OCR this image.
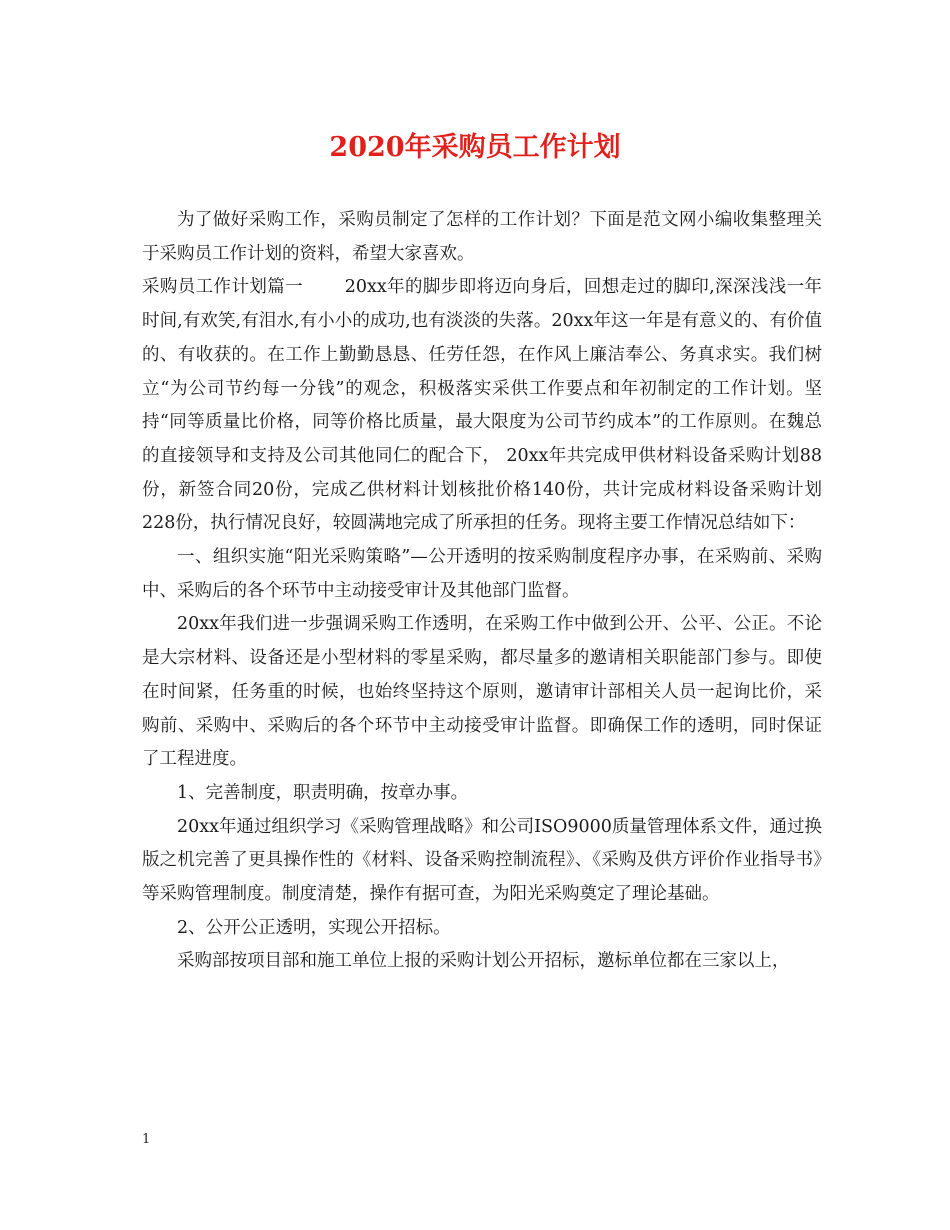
2020年采购员工作计划

为了做好采购工作，采购员制定了怎样的工作计划？下面是范文网小编收集整理关于采购员工作计划的资料，希望大家喜欢。

采购员工作计划篇一　　 20xx年的脚步即将迈向身后，回想走过的脚印,深深浅浅一年时间,有欢笑,有泪水,有小小的成功,也有淡淡的失落。20xx年这一年是有意义的、有价值的、有收获的。在工作上勤勤恳恳、任劳任怨，在作风上廉洁奉公、务真求实。我们树立“为公司节约每一分钱”的观念，积极落实采供工作要点和年初制定的工作计划。坚持“同等质量比价格，同等价格比质量，最大限度为公司节约成本”的工作原则。在魏总的直接领导和支持及公司其他同仁的配合下， 20xx年共完成甲供材料设备采购计划88份，新签合同20份，完成乙供材料计划核批价格140份，共计完成材料设备采购计划228份，执行情况良好，较圆满地完成了所承担的任务。现将主要工作情况总结如下：

一、组织实施“阳光采购策略”—公开透明的按采购制度程序办事，在采购前、采购中、采购后的各个环节中主动接受审计及其他部门监督。

20xx年我们进一步强调采购工作透明，在采购工作中做到公开、公平、公正。不论是大宗材料、设备还是小型材料的零星采购，都尽量多的邀请相关职能部门参与。即使在时间紧，任务重的时候，也始终坚持这个原则，邀请审计部相关人员一起询比价，采购前、采购中、采购后的各个环节中主动接受审计监督。即确保工作的透明，同时保证了工程进度。

1、完善制度，职责明确，按章办事。

20xx年通过组织学习《采购管理战略》和公司ISO9000质量管理体系文件，通过换版之机完善了更具操作性的《材料、设备采购控制流程》、《采购及供方评价作业指导书》等采购管理制度。制度清楚，操作有据可查，为阳光采购奠定了理论基础。

2、公开公正透明，实现公开招标。

采购部按项目部和施工单位上报的采购计划公开招标，邀标单位都在三家以上，

1
